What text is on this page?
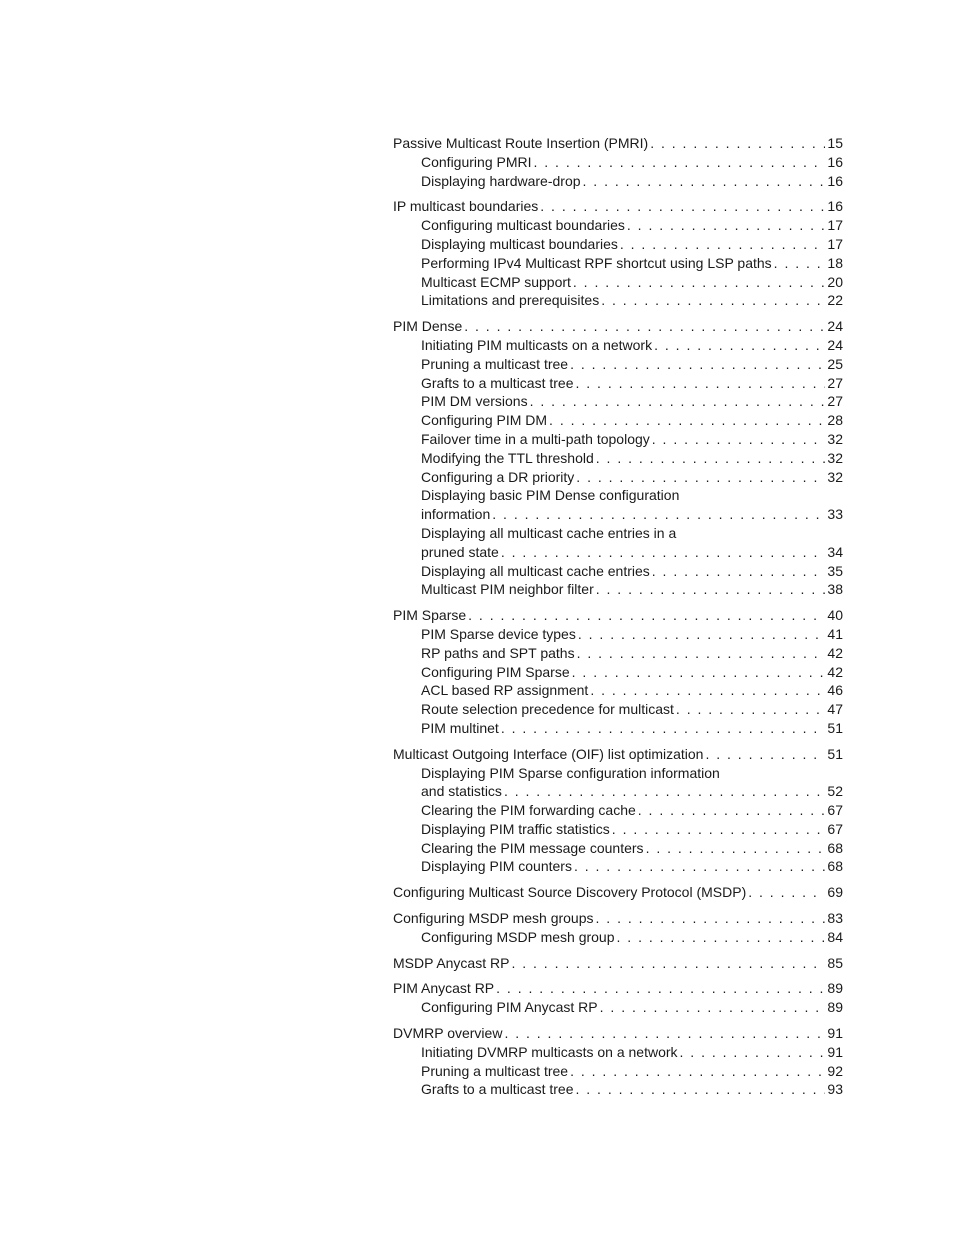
Passive Multicast Route Insertion (PMRI) . . .	15
Configuring PMRI . . .	16
Displaying hardware-drop . . .	16
IP multicast boundaries . . .	16
Configuring multicast boundaries . . .	17
Displaying multicast boundaries . . .	17
Performing IPv4 Multicast RPF shortcut using LSP paths . . .	18
Multicast ECMP support . . .	20
Limitations and prerequisites . . .	22
PIM Dense . . .	24
Initiating PIM multicasts on a network . . .	24
Pruning a multicast tree . . .	25
Grafts to a multicast tree . . .	27
PIM DM versions . . .	27
Configuring PIM DM . . .	28
Failover time in a multi-path topology . . .	32
Modifying the TTL threshold . . .	32
Configuring a DR priority . . .	32
Displaying basic PIM Dense configuration
information . . .	33
Displaying all multicast cache entries in a
pruned state . . .	34
Displaying all multicast cache entries . . .	35
Multicast PIM neighbor filter . . .	38
PIM Sparse . . .	40
PIM Sparse device types . . .	41
RP paths and SPT paths . . .	42
Configuring PIM Sparse . . .	42
ACL based RP assignment . . .	46
Route selection precedence for multicast . . .	47
PIM multinet . . .	51
Multicast Outgoing Interface (OIF) list optimization . . .	51
Displaying PIM Sparse configuration information
and statistics . . .	52
Clearing the PIM forwarding cache . . .	67
Displaying PIM traffic statistics . . .	67
Clearing the PIM message counters . . .	68
Displaying PIM counters . . .	68
Configuring Multicast Source Discovery Protocol (MSDP) . . .	69
Configuring MSDP mesh groups . . .	83
Configuring MSDP mesh group . . .	84
MSDP Anycast RP . . .	85
PIM Anycast RP . . .	89
Configuring PIM Anycast RP . . .	89
DVMRP overview . . .	91
Initiating DVMRP multicasts on a network . . .	91
Pruning a multicast tree . . .	92
Grafts to a multicast tree . . .	93
